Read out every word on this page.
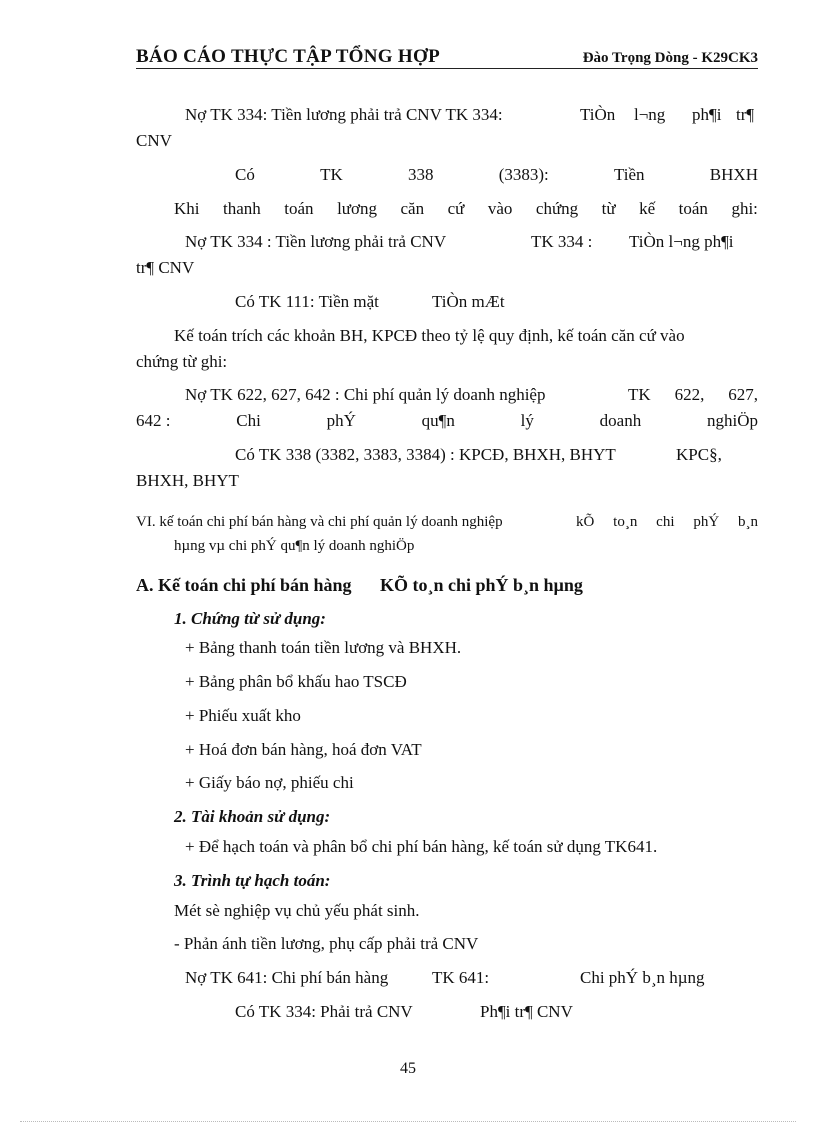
BÁO CÁO THỰC TẬP TỔNG HỢP	Đào Trọng Dòng - K29CK3
Nợ TK 334: Tiền lương phải trả CNV TK 334:	TiÒn l¬ng ph¶i tr¶
CNV
Có	TK	338	(3383):	Tiền	BHXH
Khi thanh toán lương căn cứ vào chứng từ kế toán ghi:
Nợ TK 334 : Tiền lương phải trả CNV	TK 334 : TiÒn l¬ng ph¶i
tr¶ CNV
Có TK 111: Tiền mặt	TiÒn mÆt
Kế toán trích các khoản BH, KPCĐ theo tỷ lệ quy định, kế toán căn cứ vào
chứng từ ghi:
Nợ TK 622, 627, 642 : Chi phí quản lý doanh nghiệp	TK 622, 627,
642 :	Chi	phÝ	qu¶n	lý	doanh	nghiÖp
Có TK 338 (3382, 3383, 3384) : KPCĐ, BHXH, BHYT	KPC§,
BHXH, BHYT
VI. kế toán chi phí bán hàng và chi phí quản lý doanh nghiệp	kÕ to¸n chi phÝ b¸n
hµng vµ chi phÝ qu¶n lý doanh nghiÖp
A. Kế toán chi phí bán hàng KÕ to¸n chi phÝ b¸n hµng
1. Chứng từ sử dụng:
+ Bảng thanh toán tiền lương và BHXH.
+ Bảng phân bổ khấu hao TSCĐ
+ Phiếu xuất kho
+ Hoá đơn bán hàng, hoá đơn VAT
+ Giấy báo nợ, phiếu chi
2. Tài khoản sử dụng:
+ Để hạch toán và phân bổ chi phí bán hàng, kế toán sử dụng TK641.
3. Trình tự hạch toán:
Mét sè nghiệp vụ chủ yếu phát sinh.
- Phản ánh tiền lương, phụ cấp phải trả CNV
Nợ TK 641: Chi phí bán hàng	TK 641:	Chi phÝ b¸n hµng
Có TK 334: Phải trả CNV	Ph¶i tr¶ CNV
45
